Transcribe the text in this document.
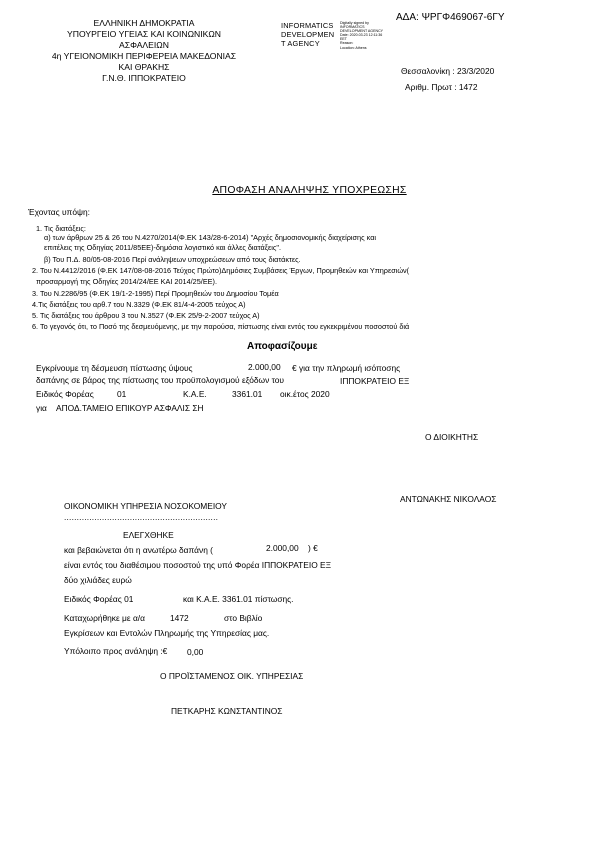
ΑΔΑ: ΨΡΓΦ469067-6ΓΥ
ΕΛΛΗΝΙΚΗ ΔΗΜΟΚΡΑΤΙΑ
ΥΠΟΥΡΓΕΙΟ ΥΓΕΙΑΣ ΚΑΙ ΚΟΙΝΩΝΙΚΩΝ
ΑΣΦΑΛΕΙΩΝ
4η ΥΓΕΙΟΝΟΜΙΚΗ ΠΕΡΙΦΕΡΕΙΑ ΜΑΚΕΔΟΝΙΑΣ
ΚΑΙ ΘΡΑΚΗΣ
Γ.Ν.Θ. ΙΠΠΟΚΡΑΤΕΙΟ
INFORMATICS
DEVELOPMEN
T AGENCY
Digitally signed by
INFORMATICS
DEVELOPMENT AGENCY
Date: 2020.03.23 12:11:36
EET
Reason:
Location: Athens
Θεσσαλονίκη : 23/3/2020
Αριθμ. Πρωτ : 1472
ΑΠΟΦΑΣΗ ΑΝΑΛΗΨΗΣ ΥΠΟΧΡΕΩΣΗΣ
Έχοντας υπόψη:
1. Τις διατάξεις:
α) των άρθρων 25 & 26 του Ν.4270/2014(Φ.ΕΚ 143/28-6-2014) "Αρχές δημοσιονομικής διαχείρισης και
επιτέλεις της Οδηγίας 2011/85ΕΕ)-δημόσια λογιστικό και άλλες διατάξεις".
β) Του Π.Δ. 80/05-08-2016 Περί ανάληψεων υποχρεώσεων από τους διατάκτες.
2. Του Ν.4412/2016 (Φ.ΕΚ 147/08-08-2016 Τεύχος Πρώτο)Δημόσιες Συμβάσεις Έργων, Προμηθειών και Υπηρεσιών(
προσαρμογή της Οδηγίες 2014/24/ΕΕ ΚΑΙ 2014/25/ΕΕ).
3. Του Ν.2286/95 (Φ.ΕΚ 19/1-2-1995) Περί Προμηθειών του Δημοσίου Τομέα
4.Τις διατάξεις του αρθ.7 του Ν.3329 (Φ.ΕΚ 81/4-4-2005 τεύχος Α)
5. Τις διατάξεις του άρθρου 3 του Ν.3527 (Φ.ΕΚ 25/9-2-2007 τεύχος Α)
6. Το γεγονός ότι, το Ποσό της δεσμευόμενης, με την παρούσα, πίστωσης είναι εντός του εγκεκριμένου ποσοστού διά
Αποφασίζουμε
Εγκρίνουμε τη δέσμευση πίστωσης ύψους	2.000,00 € για την πληρωμή ισόποσης
δαπάνης σε βάρος της πίστωσης του προϋπολογισμού εξόδων του	ΙΠΠΟΚΡΑΤΕΙΟ ΕΞ
Ειδικός Φορέας	01	Κ.Α.Ε.	3361.01 οικ.έτος 2020
για ΑΠΟΔ.ΤΑΜΕΙΟ ΕΠΙΚΟΥΡ ΑΣΦΑΛΙΣ ΣΗ
Ο ΔΙΟΙΚΗΤΗΣ
ΑΝΤΩΝΑΚΗΣ ΝΙΚΟΛΑΟΣ
ΟΙΚΟΝΟΜΙΚΗ ΥΠΗΡΕΣΙΑ ΝΟΣΟΚΟΜΕΙΟΥ
.............................................................
ΕΛΕΓΧΘΗΚΕ
και βεβαιώνεται ότι η ανωτέρω δαπάνη (	2.000,00 ) €
είναι εντός του διαθέσιμου ποσοστού της υπό Φορέα ΙΠΠΟΚΡΑΤΕΙΟ ΕΞ
δύο χιλιάδες ευρώ
Ειδικός Φορέας 01	και Κ.Α.Ε. 3361.01 πίστωσης.
Καταχωρήθηκε με α/α	1472	στο Βιβλίο
Εγκρίσεων και Εντολών Πληρωμής της Υπηρεσίας μας.
Υπόλοιπο προς ανάληψη :€ 0,00
Ο ΠΡΟΪΣΤΑΜΕΝΟΣ ΟΙΚ. ΥΠΗΡΕΣΙΑΣ
ΠΕΤΚΑΡΗΣ ΚΩΝΣΤΑΝΤΙΝΟΣ
